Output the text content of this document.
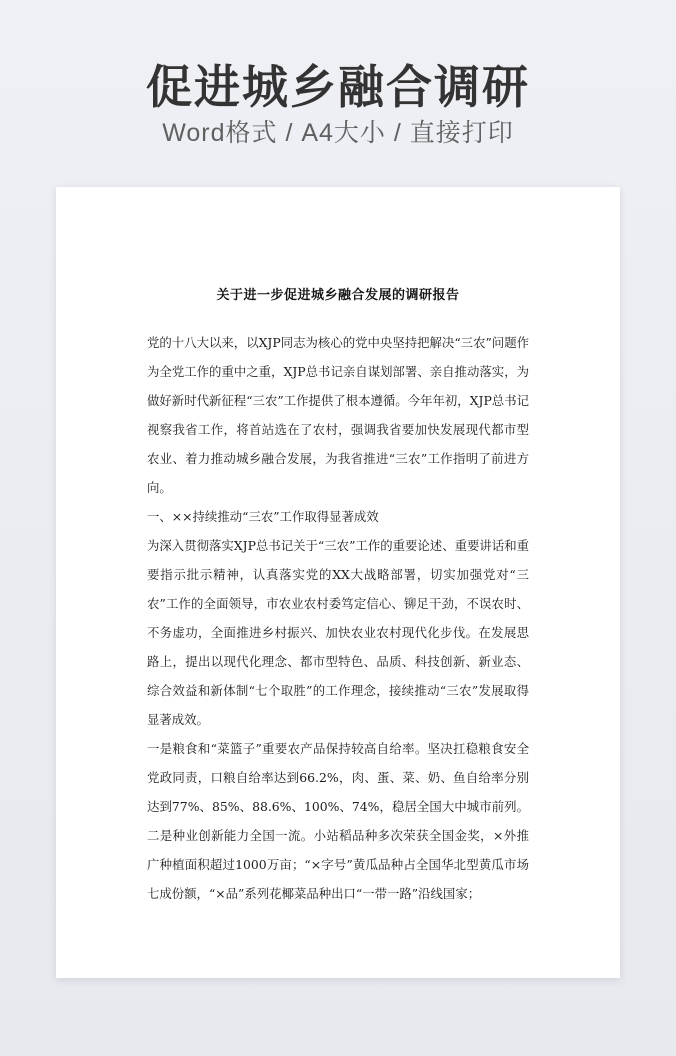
促进城乡融合调研
Word格式 / A4大小 / 直接打印
关于进一步促进城乡融合发展的调研报告

党的十八大以来，以XJP同志为核心的党中央坚持把解决“三农”问题作为全党工作的重中之重，XJP总书记亲自谋划部署、亲自推动落实，为做好新时代新征程“三农”工作提供了根本遵循。今年年初，XJP总书记视察我省工作，将首站选在了农村，强调我省要加快发展现代都市型农业、着力推动城乡融合发展，为我省推进“三农”工作指明了前进方向。

一、××持续推动“三农”工作取得显著成效

为深入贯彻落实XJP总书记关于“三农”工作的重要论述、重要讲话和重要指示批示精神，认真落实党的XX大战略部署，切实加强党对“三农”工作的全面领导，市农业农村委笃定信心、铆足干劲，不误农时、不务虚功，全面推进乡村振兴、加快农业农村现代化步伐。在发展思路上，提出以现代化理念、都市型特色、品质、科技创新、新业态、综合效益和新体制“七个取胜”的工作理念，接续推动“三农”发展取得显著成效。

一是粮食和“菜篮子”重要农产品保持较高自给率。坚决扛稳粮食安全党政同责，口粮自给率达到66.2%，肉、蛋、菜、奶、鱼自给率分别达到77%、85%、88.6%、100%、74%，稳居全国大中城市前列。二是种业创新能力全国一流。小站稻品种多次荣获全国金奖，×外推广种植面积超过1000万亩；“×字号”黄瓜品种占全国华北型黄瓜市场七成份额，“×品”系列花椰菜品种出口“一带一路”沿线国家；
